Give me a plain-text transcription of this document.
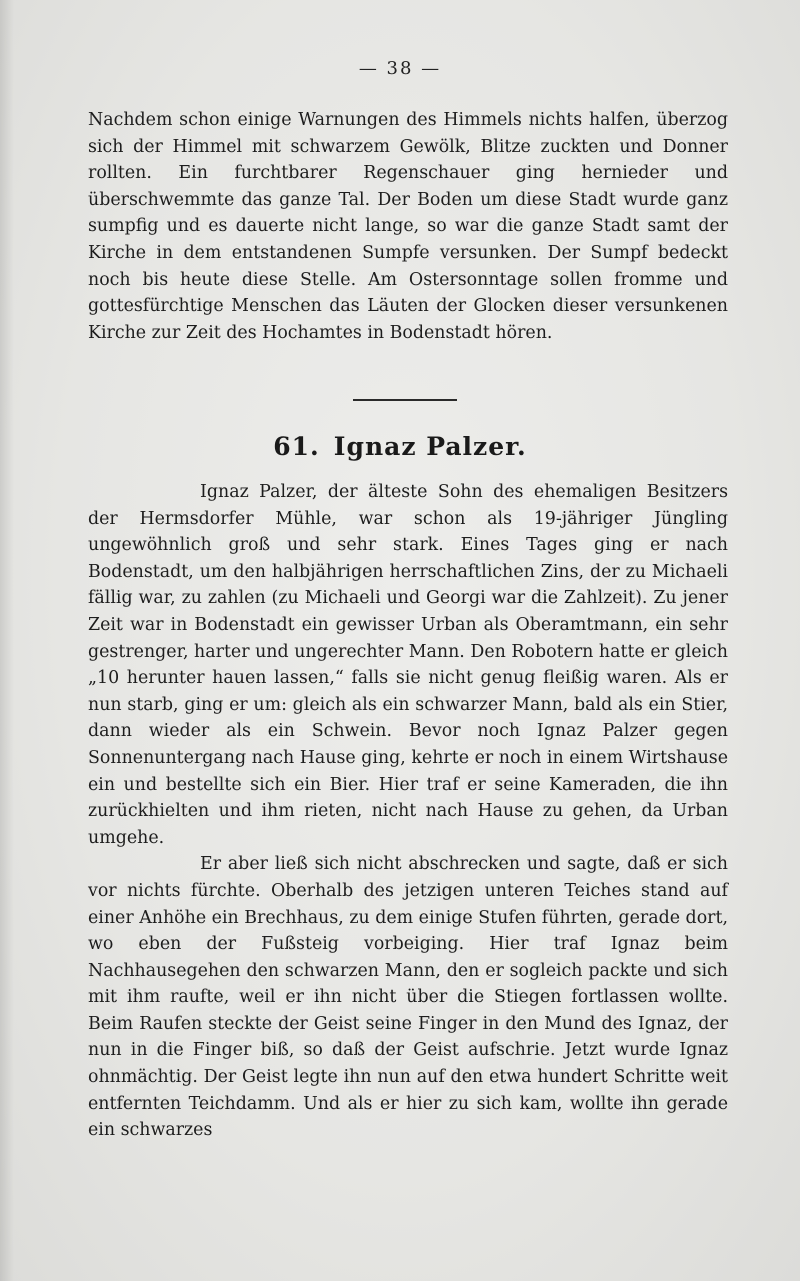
— 38 —
Nachdem schon einige Warnungen des Himmels nichts halfen, überzog sich der Himmel mit schwarzem Gewölk, Blitze zuckten und Donner rollten. Ein furchtbarer Regenschauer ging hernieder und überschwemmte das ganze Tal. Der Boden um diese Stadt wurde ganz sumpfig und es dauerte nicht lange, so war die ganze Stadt samt der Kirche in dem entstandenen Sumpfe versunken. Der Sumpf bedeckt noch bis heute diese Stelle. Am Ostersonntage sollen fromme und gottesfürchtige Menschen das Läuten der Glocken dieser versunkenen Kirche zur Zeit des Hochamtes in Bodenstadt hören.
61. Ignaz Palzer.

Ignaz Palzer, der älteste Sohn des ehemaligen Besitzers der Hermsdorfer Mühle, war schon als 19-jähriger Jüngling ungewöhnlich groß und sehr stark. Eines Tages ging er nach Bodenstadt, um den halbjährigen herrschaftlichen Zins, der zu Michaeli fällig war, zu zahlen (zu Michaeli und Georgi war die Zahlzeit). Zu jener Zeit war in Bodenstadt ein gewisser Urban als Oberamtmann, ein sehr gestrenger, harter und ungerechter Mann. Den Robotern hatte er gleich „10 herunter hauen lassen,“ falls sie nicht genug fleißig waren. Als er nun starb, ging er um: gleich als ein schwarzer Mann, bald als ein Stier, dann wieder als ein Schwein. Bevor noch Ignaz Palzer gegen Sonnenuntergang nach Hause ging, kehrte er noch in einem Wirtshause ein und bestellte sich ein Bier. Hier traf er seine Kameraden, die ihn zurückhielten und ihm rieten, nicht nach Hause zu gehen, da Urban umgehe.

Er aber ließ sich nicht abschrecken und sagte, daß er sich vor nichts fürchte. Oberhalb des jetzigen unteren Teiches stand auf einer Anhöhe ein Brechhaus, zu dem einige Stufen führten, gerade dort, wo eben der Fußsteig vorbeiging. Hier traf Ignaz beim Nachhausegehen den schwarzen Mann, den er sogleich packte und sich mit ihm raufte, weil er ihn nicht über die Stiegen fortlassen wollte. Beim Raufen steckte der Geist seine Finger in den Mund des Ignaz, der nun in die Finger biß, so daß der Geist aufschrie. Jetzt wurde Ignaz ohnmächtig. Der Geist legte ihn nun auf den etwa hundert Schritte weit entfernten Teichdamm. Und als er hier zu sich kam, wollte ihn gerade ein schwarzes
